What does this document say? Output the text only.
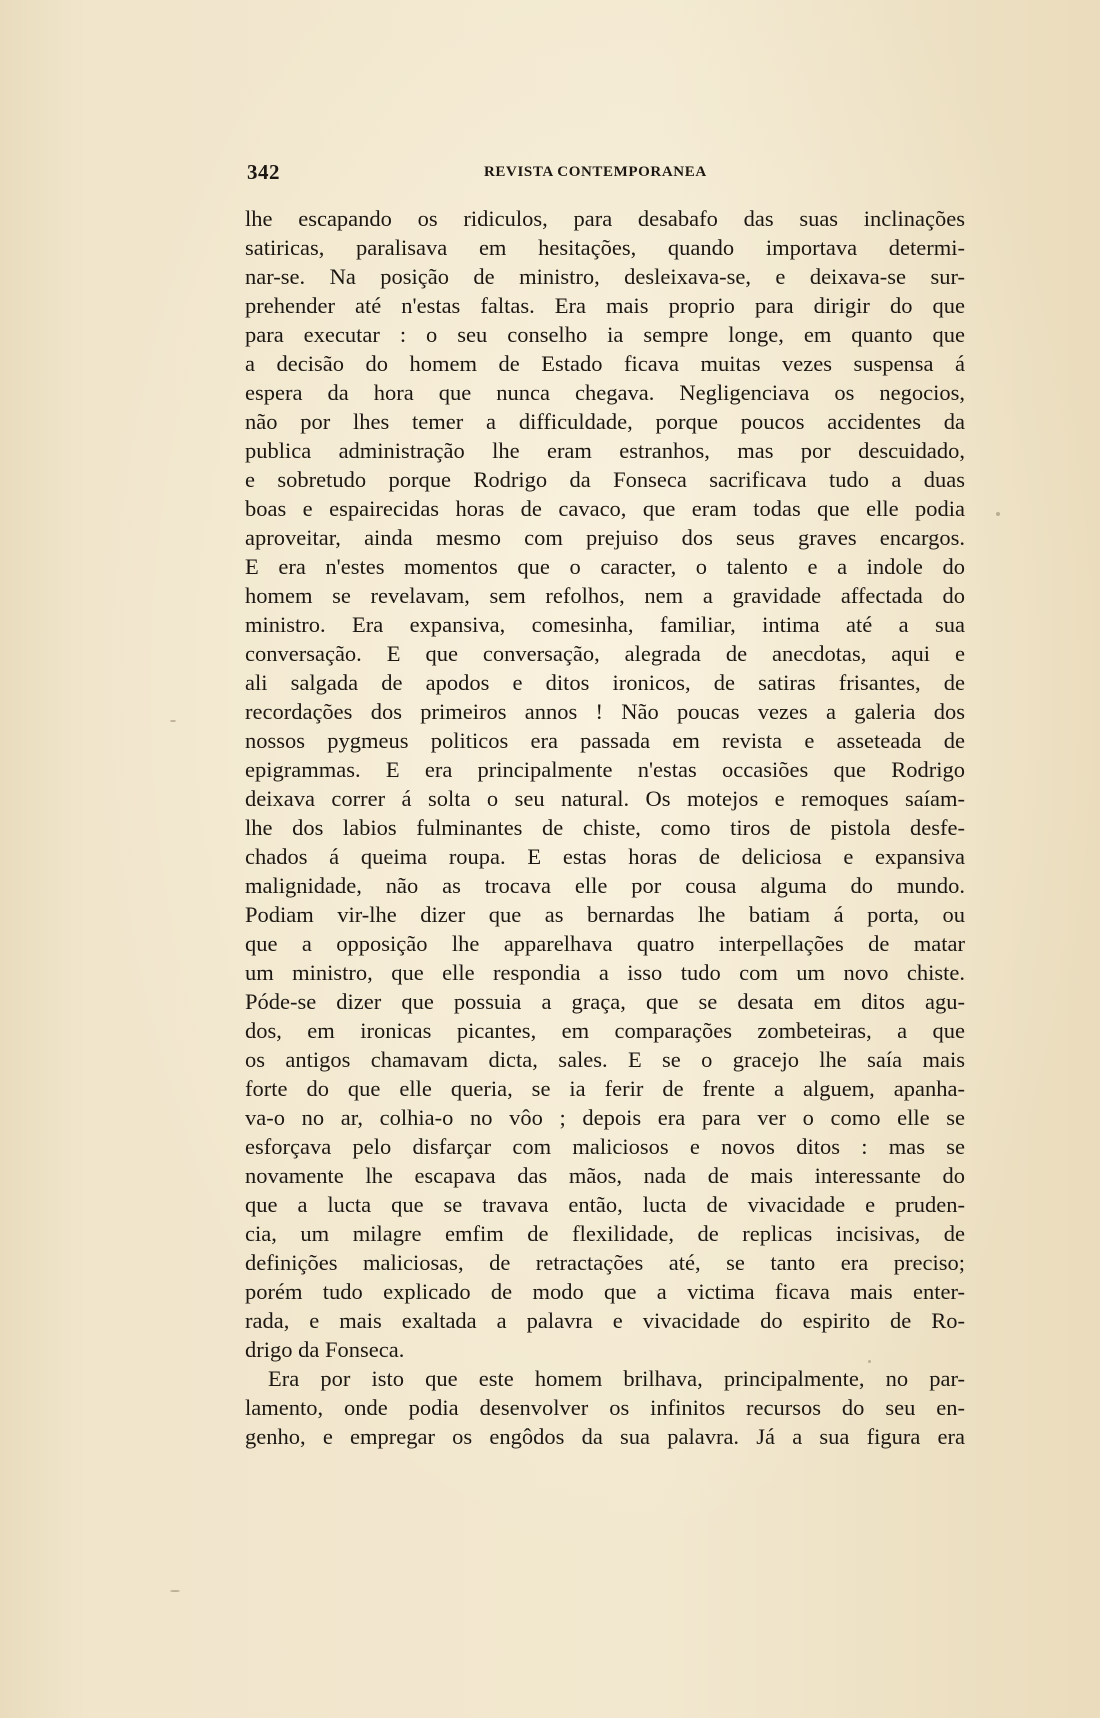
342	REVISTA CONTEMPORANEA
lhe escapando os ridiculos, para desabafo das suas inclinações
satiricas, paralisava em hesitações, quando importava determi-
nar-se. Na posição de ministro, desleixava-se, e deixava-se sur-
prehender até n'estas faltas. Era mais proprio para dirigir do que
para executar : o seu conselho ia sempre longe, em quanto que
a decisão do homem de Estado ficava muitas vezes suspensa á
espera da hora que nunca chegava. Negligenciava os negocios,
não por lhes temer a difficuldade, porque poucos accidentes da
publica administração lhe eram estranhos, mas por descuidado,
e sobretudo porque Rodrigo da Fonseca sacrificava tudo a duas
boas e espairecidas horas de cavaco, que eram todas que elle podia
aproveitar, ainda mesmo com prejuiso dos seus graves encargos.
E era n'estes momentos que o caracter, o talento e a indole do
homem se revelavam, sem refolhos, nem a gravidade affectada do
ministro. Era expansiva, comesinha, familiar, intima até a sua
conversação. E que conversação, alegrada de anecdotas, aqui e
ali salgada de apodos e ditos ironicos, de satiras frisantes, de
recordações dos primeiros annos ! Não poucas vezes a galeria dos
nossos pygmeus politicos era passada em revista e asseteada de
epigrammas. E era principalmente n'estas occasiões que Rodrigo
deixava correr á solta o seu natural. Os motejos e remoques saíam-
lhe dos labios fulminantes de chiste, como tiros de pistola desfe-
chados á queima roupa. E estas horas de deliciosa e expansiva
malignidade, não as trocava elle por cousa alguma do mundo.
Podiam vir-lhe dizer que as bernardas lhe batiam á porta, ou
que a opposição lhe apparelhava quatro interpellações de matar
um ministro, que elle respondia a isso tudo com um novo chiste.
Póde-se dizer que possuia a graça, que se desata em ditos agu-
dos, em ironicas picantes, em comparações zombeteiras, a que
os antigos chamavam dicta, sales. E se o gracejo lhe saía mais
forte do que elle queria, se ia ferir de frente a alguem, apanha-
va-o no ar, colhia-o no vôo ; depois era para ver o como elle se
esforçava pelo disfarçar com maliciosos e novos ditos : mas se
novamente lhe escapava das mãos, nada de mais interessante do
que a lucta que se travava então, lucta de vivacidade e pruden-
cia, um milagre emfim de flexilidade, de replicas incisivas, de
definições maliciosas, de retractações até, se tanto era preciso;
porém tudo explicado de modo que a victima ficava mais enter-
rada, e mais exaltada a palavra e vivacidade do espirito de Ro-
drigo da Fonseca.
Era por isto que este homem brilhava, principalmente, no par-
lamento, onde podia desenvolver os infinitos recursos do seu en-
genho, e empregar os engôdos da sua palavra. Já a sua figura era
